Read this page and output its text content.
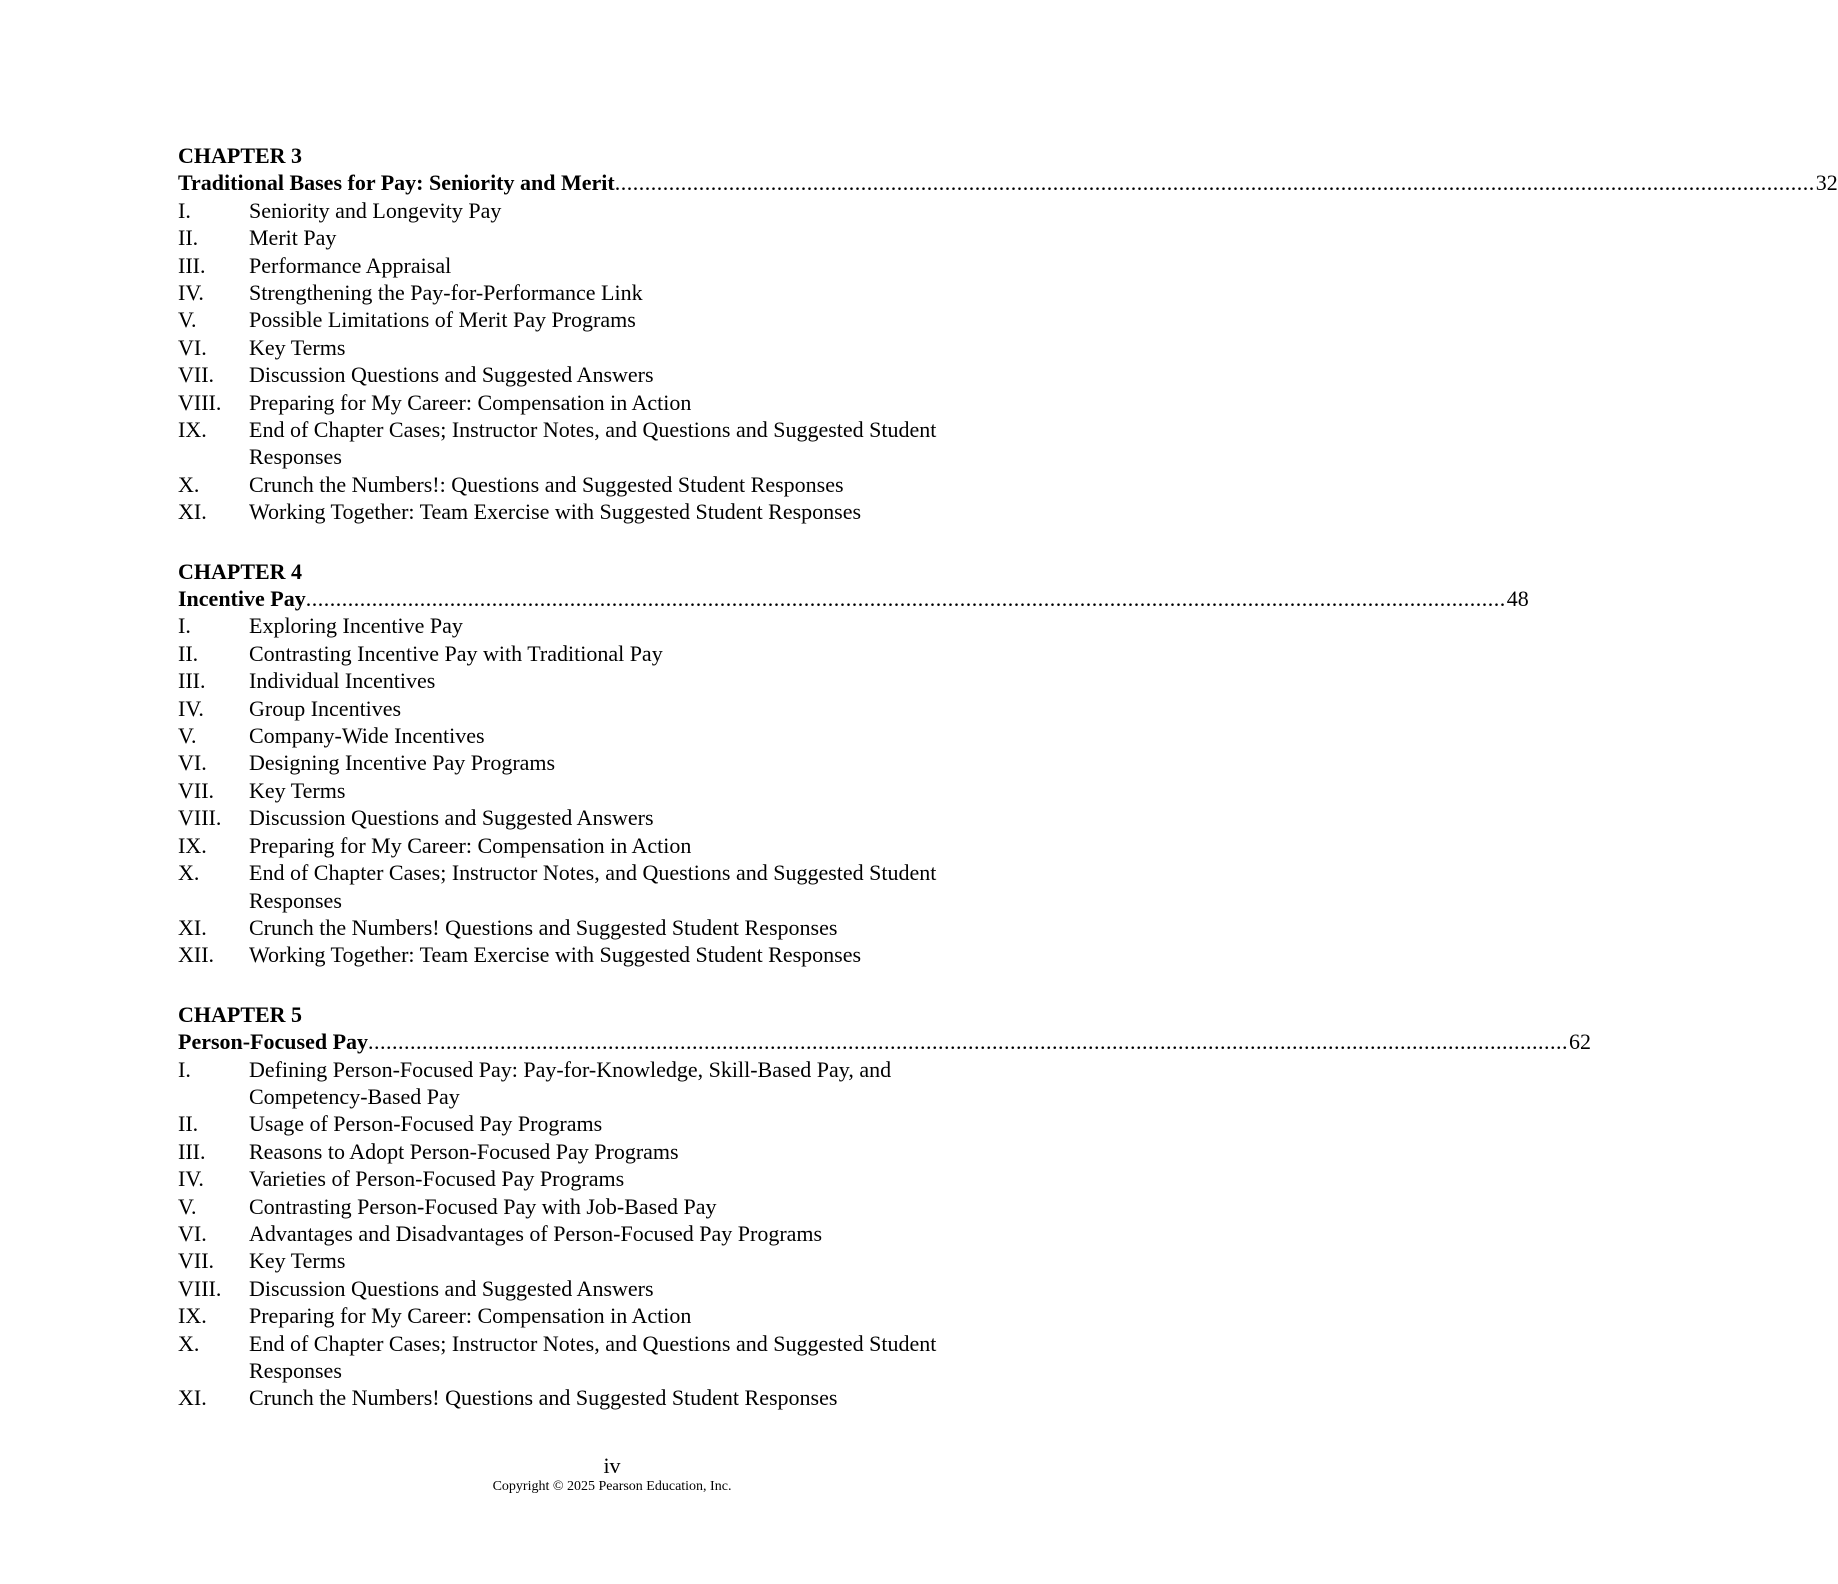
CHAPTER 3
Traditional Bases for Pay: Seniority and Merit ........................................................................................................................................................................................................ 32
I.	Seniority and Longevity Pay
II.	Merit Pay
III.	Performance Appraisal
IV.	Strengthening the Pay-for-Performance Link
V.	Possible Limitations of Merit Pay Programs
VI.	Key Terms
VII.	Discussion Questions and Suggested Answers
VIII.	Preparing for My Career: Compensation in Action
IX.	End of Chapter Cases; Instructor Notes, and Questions and Suggested Student Responses
X.	Crunch the Numbers!: Questions and Suggested Student Responses
XI.	Working Together: Team Exercise with Suggested Student Responses
CHAPTER 4
Incentive Pay ........................................................................................................................................................................................................ 48
I.	Exploring Incentive Pay
II.	Contrasting Incentive Pay with Traditional Pay
III.	Individual Incentives
IV.	Group Incentives
V.	Company-Wide Incentives
VI.	Designing Incentive Pay Programs
VII.	Key Terms
VIII.	Discussion Questions and Suggested Answers
IX.	Preparing for My Career: Compensation in Action
X.	End of Chapter Cases; Instructor Notes, and Questions and Suggested Student Responses
XI.	Crunch the Numbers! Questions and Suggested Student Responses
XII.	Working Together: Team Exercise with Suggested Student Responses
CHAPTER 5
Person-Focused Pay ........................................................................................................................................................................................................ 62
I.	Defining Person-Focused Pay: Pay-for-Knowledge, Skill-Based Pay, and Competency-Based Pay
II.	Usage of Person-Focused Pay Programs
III.	Reasons to Adopt Person-Focused Pay Programs
IV.	Varieties of Person-Focused Pay Programs
V.	Contrasting Person-Focused Pay with Job-Based Pay
VI.	Advantages and Disadvantages of Person-Focused Pay Programs
VII.	Key Terms
VIII.	Discussion Questions and Suggested Answers
IX.	Preparing for My Career: Compensation in Action
X.	End of Chapter Cases; Instructor Notes, and Questions and Suggested Student Responses
XI.	Crunch the Numbers! Questions and Suggested Student Responses
iv
Copyright © 2025 Pearson Education, Inc.
